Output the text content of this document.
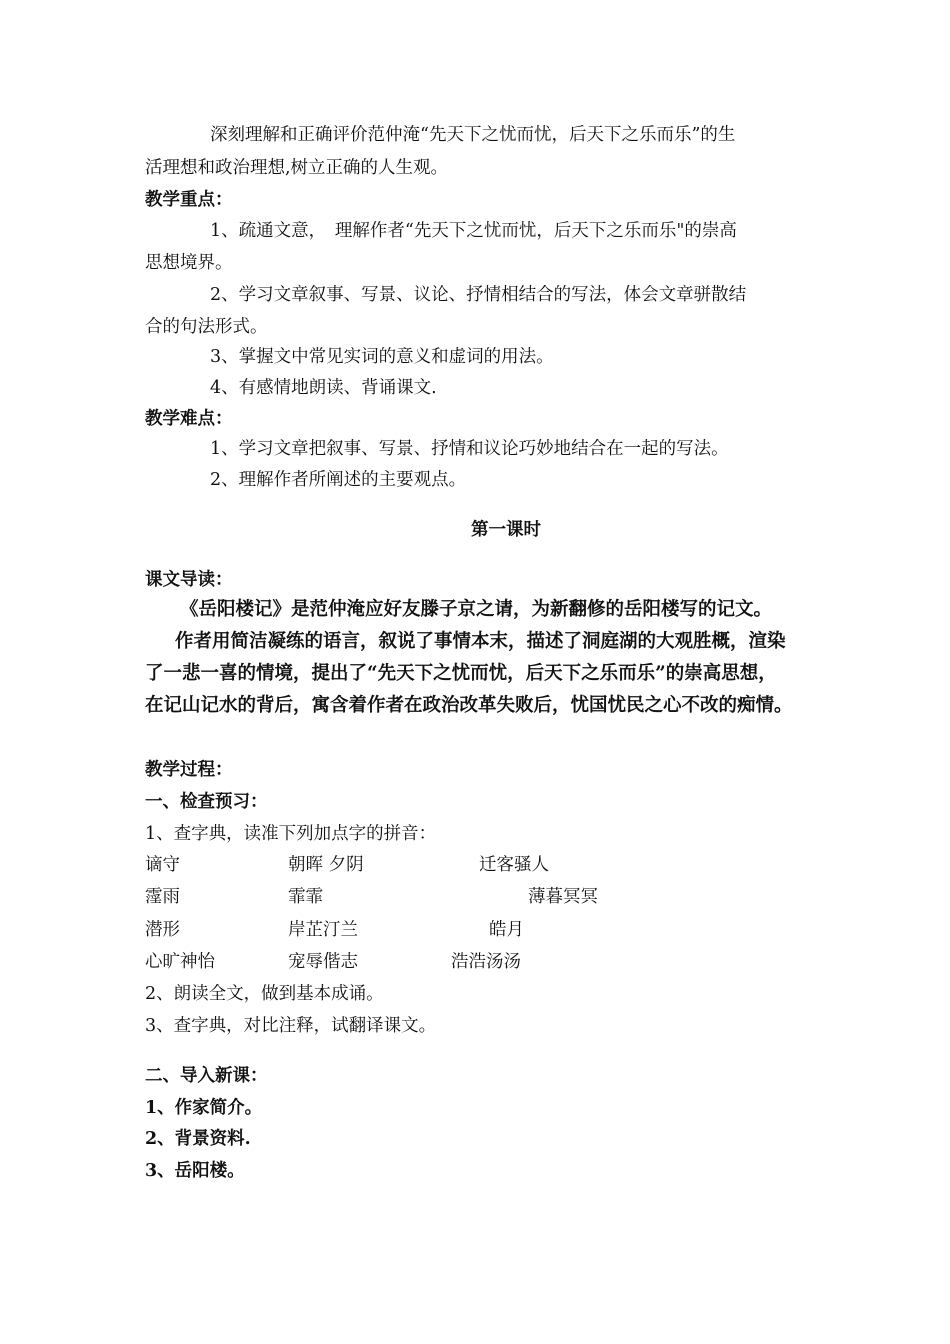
深刻理解和正确评价范仲淹“先天下之忧而忧，后天下之乐而乐”的生
活理想和政治理想,树立正确的人生观。
教学重点：
1、疏通文意，　理解作者“先天下之忧而忧，后天下之乐而乐"的崇高
思想境界。
2、学习文章叙事、写景、议论、抒情相结合的写法，体会文章骈散结
合的句法形式。
3、掌握文中常见实词的意义和虚词的用法。
4、有感情地朗读、背诵课文.
教学难点：
1、学习文章把叙事、写景、抒情和议论巧妙地结合在一起的写法。
2、理解作者所阐述的主要观点。
第一课时
课文导读：
《岳阳楼记》是范仲淹应好友滕子京之请，为新翻修的岳阳楼写的记文。
作者用简洁凝练的语言，叙说了事情本末，描述了洞庭湖的大观胜概，渲染
了一悲一喜的情境，提出了“先天下之忧而忧，后天下之乐而乐”的崇高思想，
在记山记水的背后，寓含着作者在政治改革失败后，忧国忧民之心不改的痴情。
教学过程：
一、检查预习：
1、查字典，读准下列加点字的拼音：
谪守	朝晖 夕阴	迁客骚人
霪雨	霏霏	薄暮冥冥
潜形	岸芷汀兰	皓月
心旷神怡	宠辱偕志	浩浩汤汤
2、朗读全文，做到基本成诵。
3、查字典，对比注释，试翻译课文。
二、导入新课：
1、作家简介。
2、背景资料.
3、岳阳楼。
